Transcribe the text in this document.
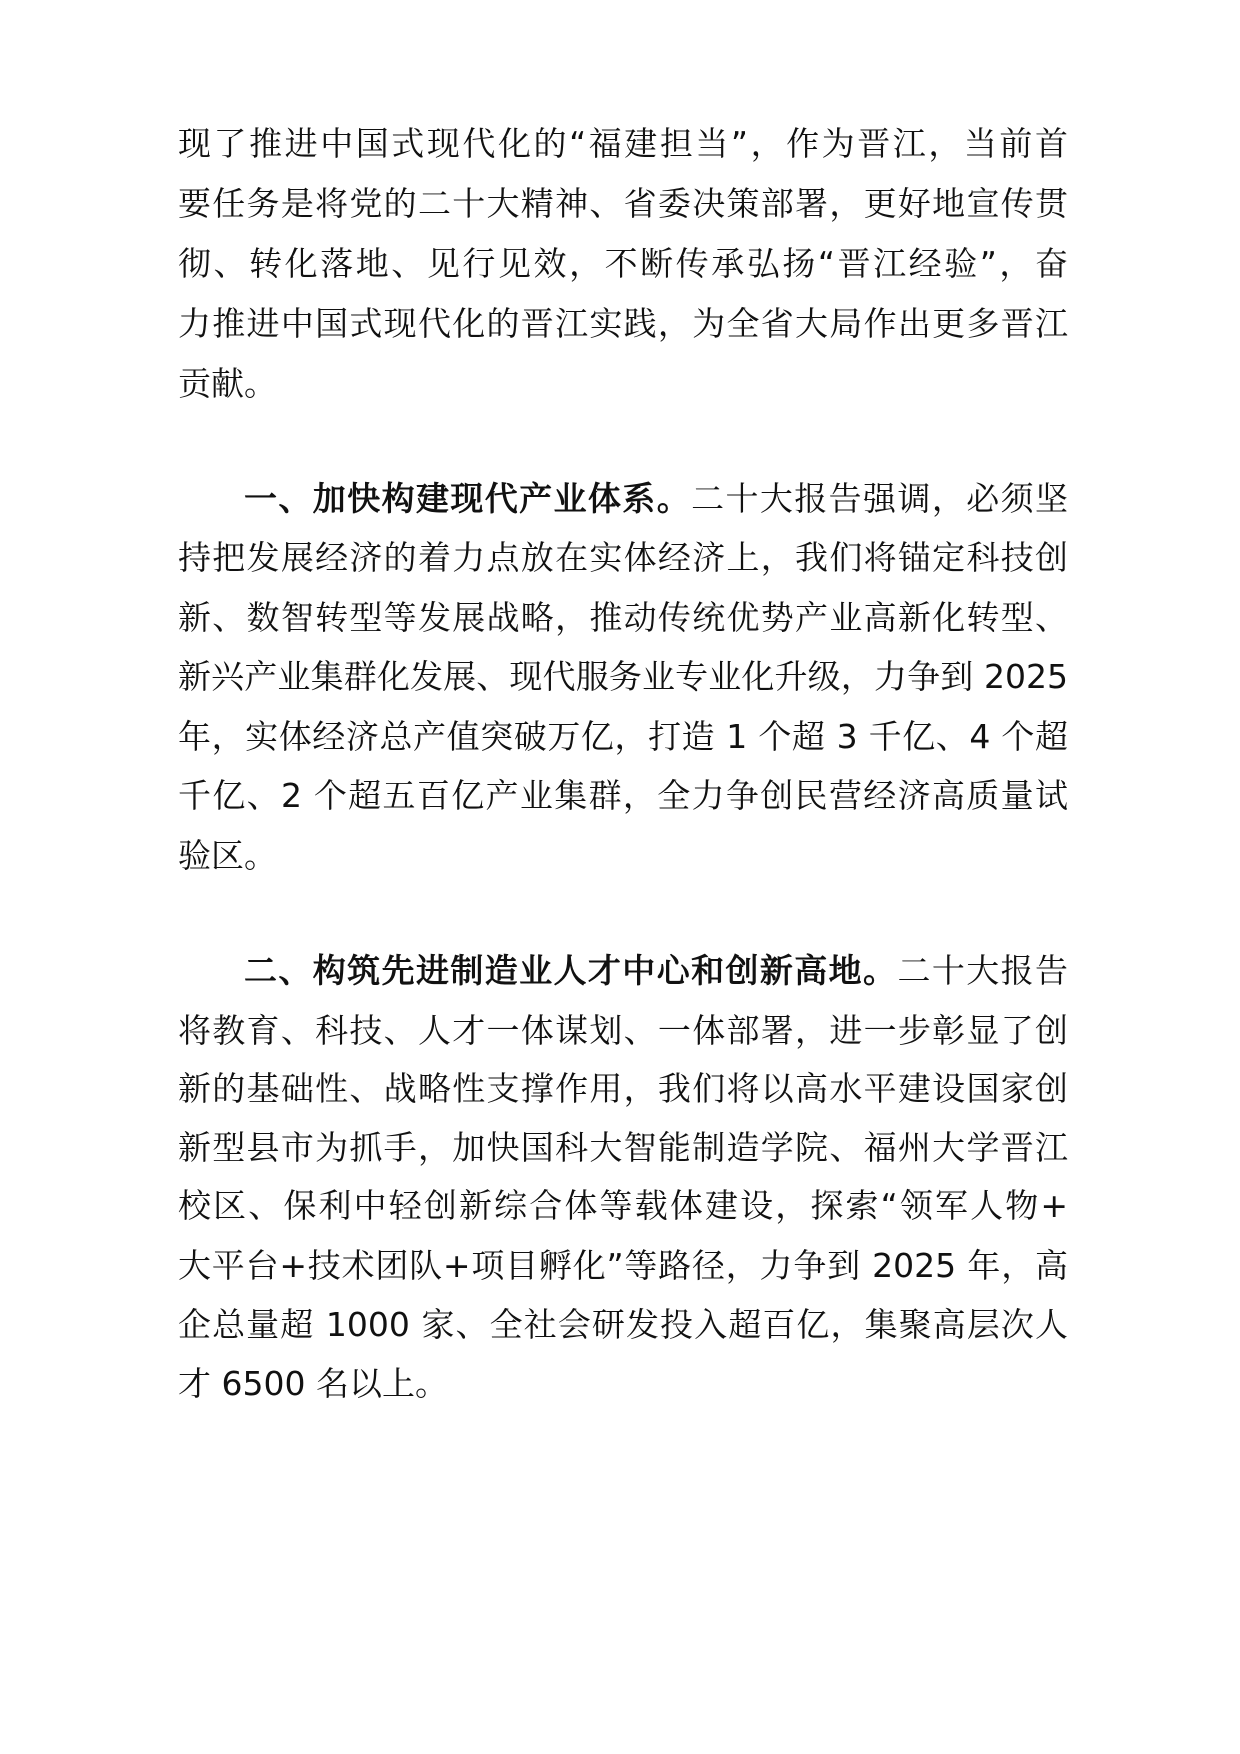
现了推进中国式现代化的“福建担当”，作为晋江，当前首
要任务是将党的二十大精神、省委决策部署，更好地宣传贯
彻、转化落地、见行见效，不断传承弘扬“晋江经验”，奋
力推进中国式现代化的晋江实践，为全省大局作出更多晋江
贡献。
一、加快构建现代产业体系。二十大报告强调，必须坚
持把发展经济的着力点放在实体经济上，我们将锚定科技创
新、数智转型等发展战略，推动传统优势产业高新化转型、
新兴产业集群化发展、现代服务业专业化升级，力争到 2025
年，实体经济总产值突破万亿，打造 1 个超 3 千亿、4 个超
千亿、2 个超五百亿产业集群，全力争创民营经济高质量试
验区。
二、构筑先进制造业人才中心和创新高地。二十大报告
将教育、科技、人才一体谋划、一体部署，进一步彰显了创
新的基础性、战略性支撑作用，我们将以高水平建设国家创
新型县市为抓手，加快国科大智能制造学院、福州大学晋江
校区、保利中轻创新综合体等载体建设，探索“领军人物+
大平台+技术团队+项目孵化”等路径，力争到 2025 年，高
企总量超 1000 家、全社会研发投入超百亿，集聚高层次人
才 6500 名以上。
